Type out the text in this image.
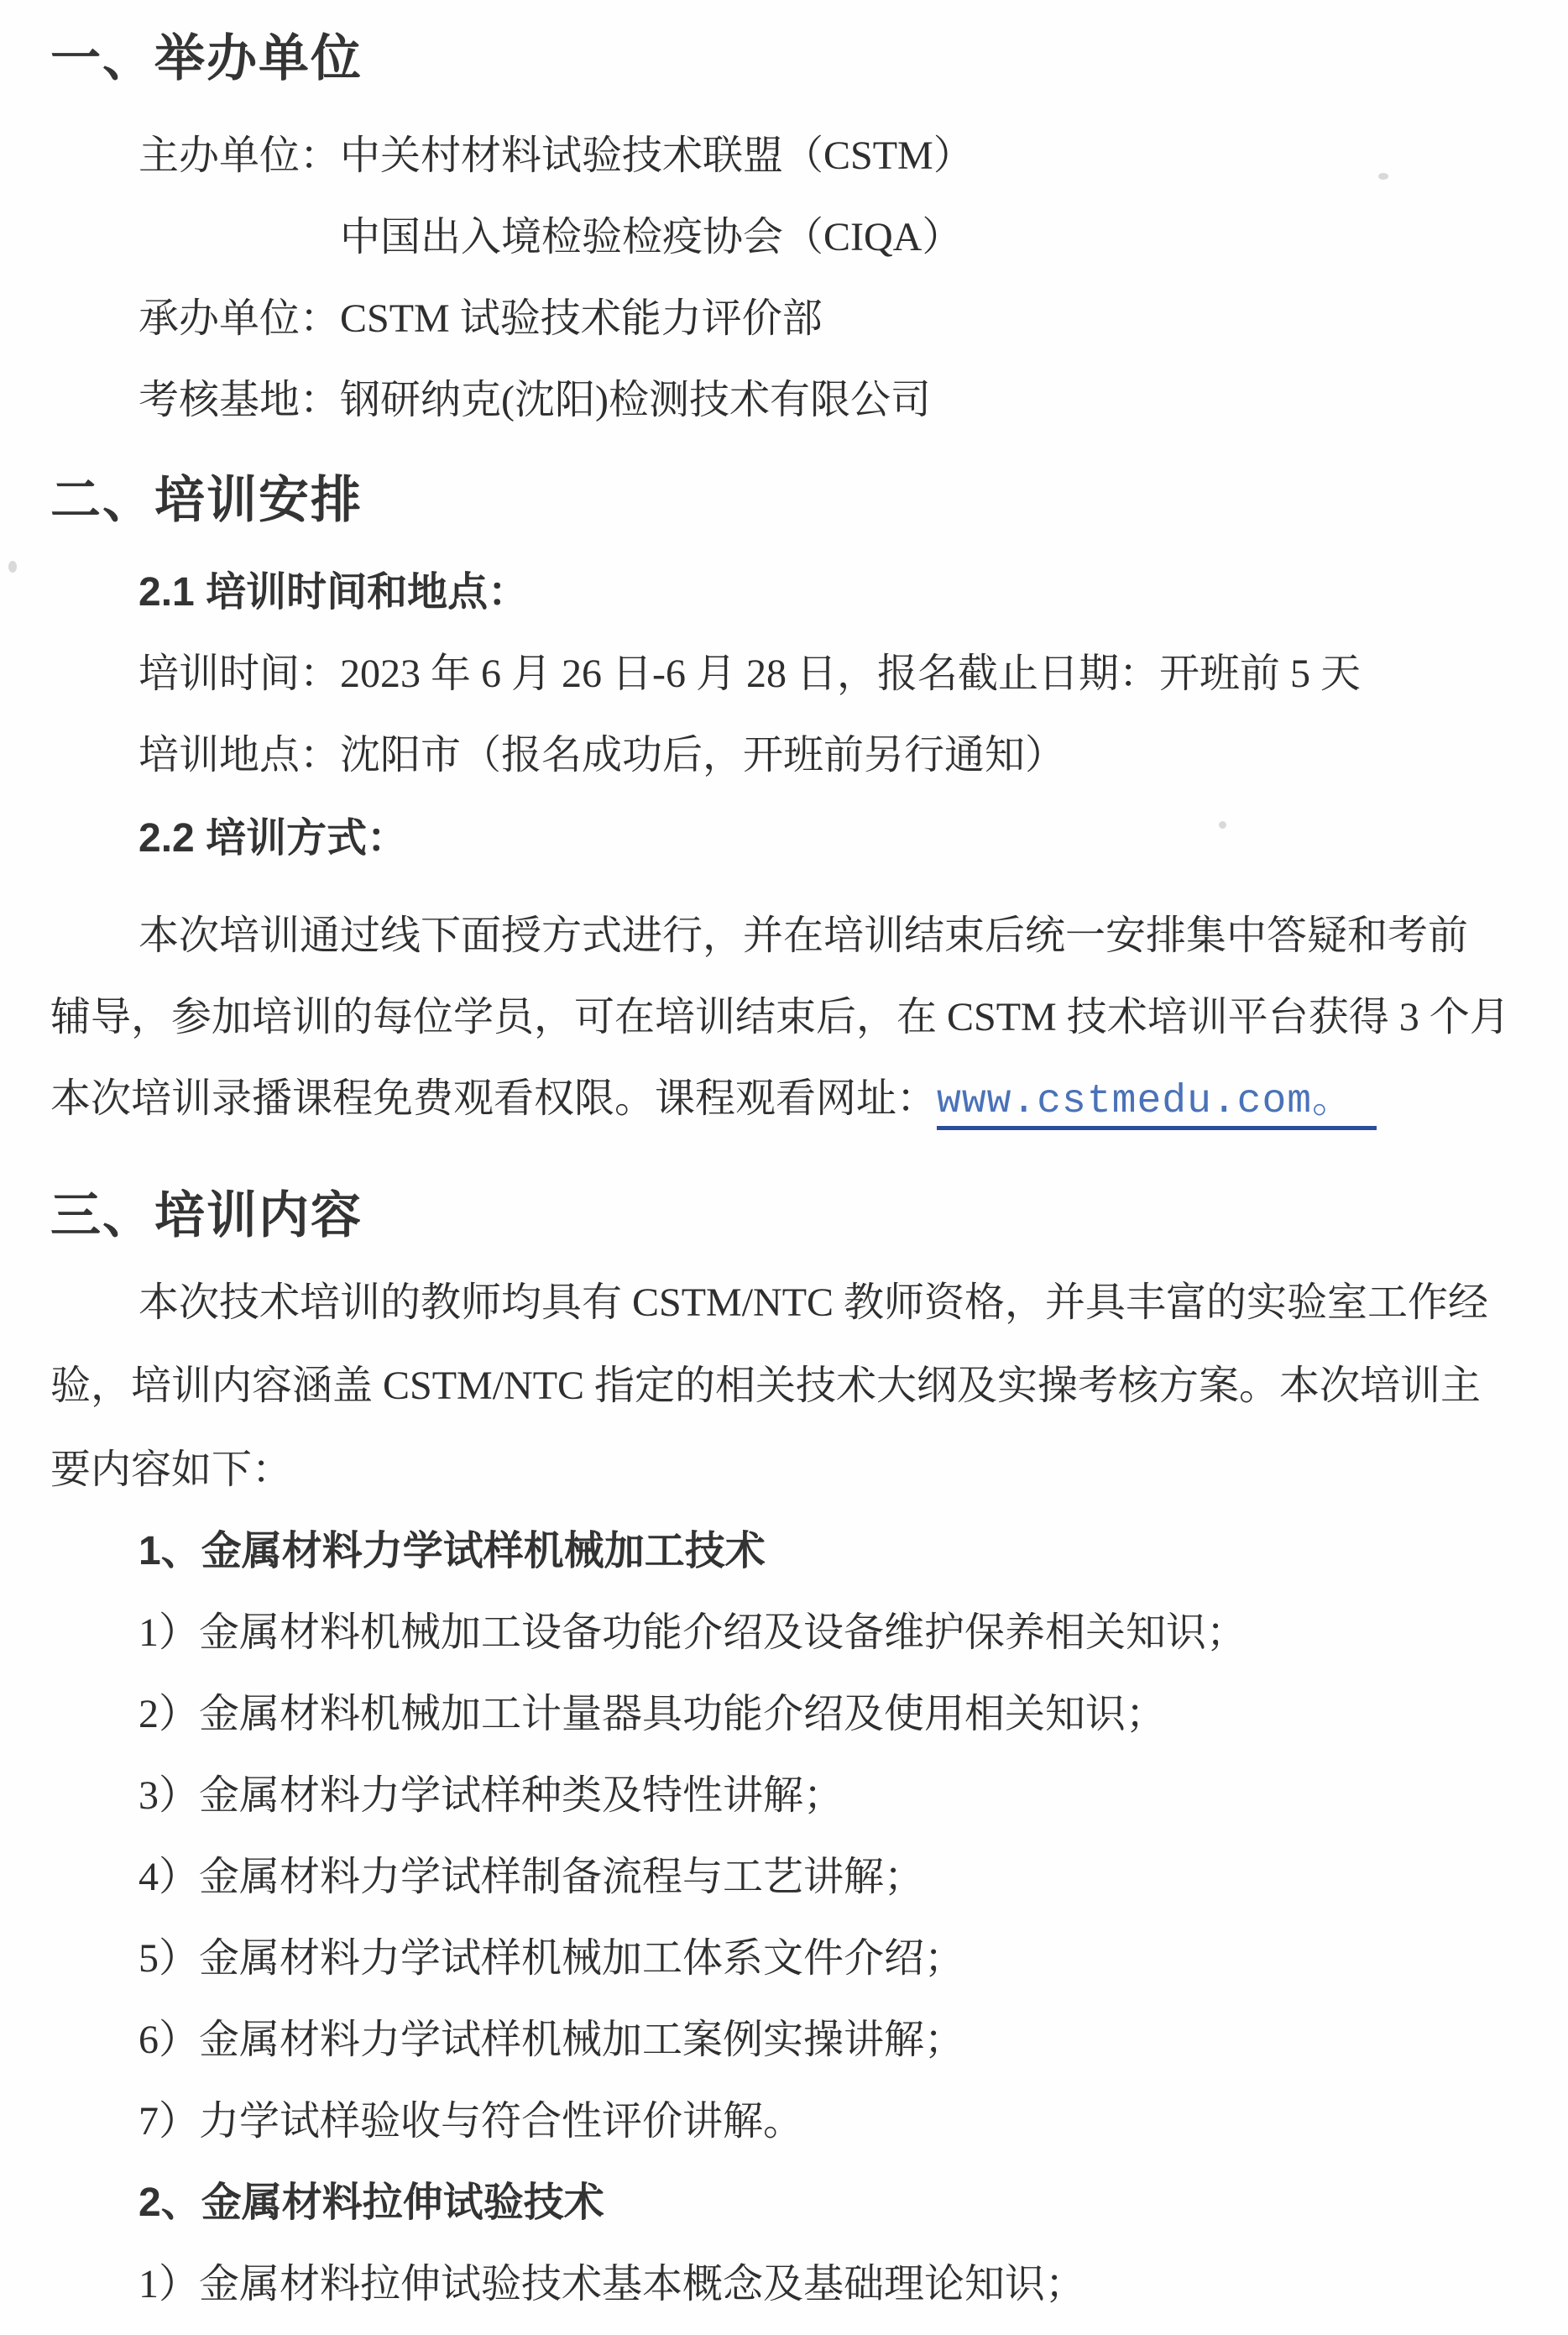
一、举办单位
主办单位：中关村材料试验技术联盟（CSTM）
中国出入境检验检疫协会（CIQA）
承办单位：CSTM 试验技术能力评价部
考核基地：钢研纳克(沈阳)检测技术有限公司
二、培训安排
2.1 培训时间和地点：
培训时间：2023 年 6 月 26 日-6 月 28 日，报名截止日期：开班前 5 天
培训地点：沈阳市（报名成功后，开班前另行通知）
2.2 培训方式：
本次培训通过线下面授方式进行，并在培训结束后统一安排集中答疑和考前
辅导，参加培训的每位学员，可在培训结束后，在 CSTM 技术培训平台获得 3 个月
本次培训录播课程免费观看权限。课程观看网址：www.cstmedu.com。
三、培训内容
本次技术培训的教师均具有 CSTM/NTC 教师资格，并具丰富的实验室工作经
验，培训内容涵盖 CSTM/NTC 指定的相关技术大纲及实操考核方案。本次培训主
要内容如下：
1、金属材料力学试样机械加工技术
1）金属材料机械加工设备功能介绍及设备维护保养相关知识；
2）金属材料机械加工计量器具功能介绍及使用相关知识；
3）金属材料力学试样种类及特性讲解；
4）金属材料力学试样制备流程与工艺讲解；
5）金属材料力学试样机械加工体系文件介绍；
6）金属材料力学试样机械加工案例实操讲解；
7）力学试样验收与符合性评价讲解。
2、金属材料拉伸试验技术
1）金属材料拉伸试验技术基本概念及基础理论知识；
